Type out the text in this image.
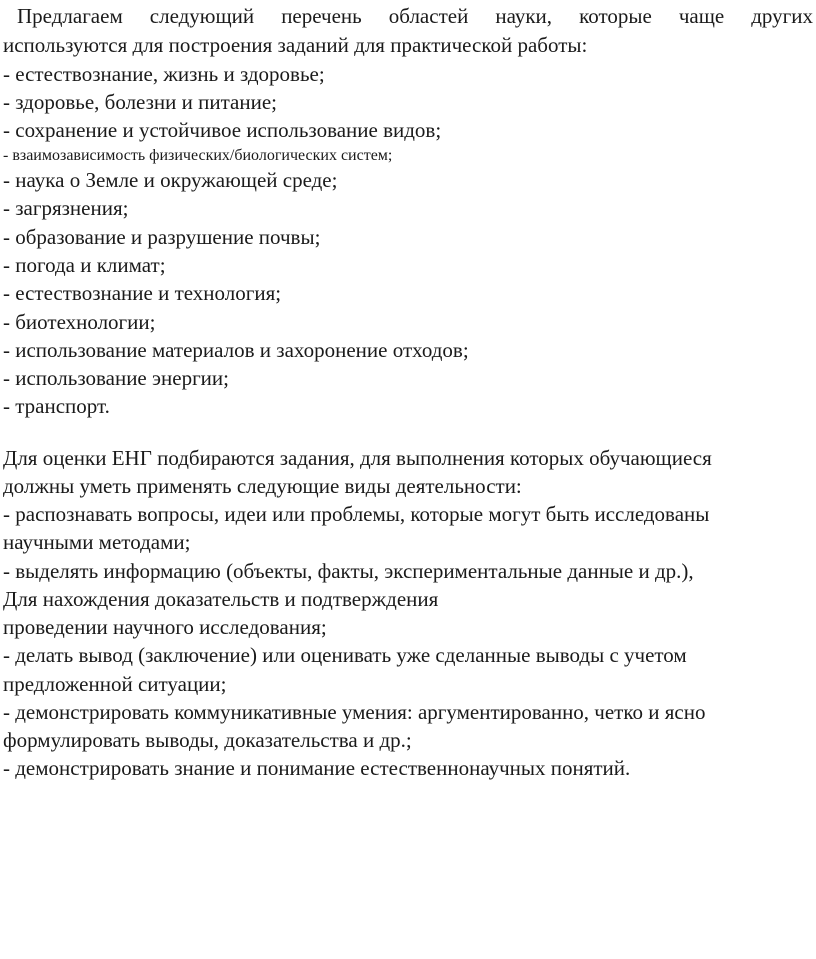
Предлагаем следующий перечень областей науки, которые чаще других
используются для построения заданий для практической работы:
- естествознание, жизнь и здоровье;
- здоровье, болезни и питание;
- сохранение и устойчивое использование видов;
- взаимозависимость физических/биологических систем;
- наука о Земле и окружающей среде;
- загрязнения;
- образование и разрушение почвы;
- погода и климат;
- естествознание и технология;
- биотехнологии;
- использование материалов и захоронение отходов;
- использование энергии;
- транспорт.
Для оценки ЕНГ подбираются задания, для выполнения которых обучающиеся
должны уметь применять следующие виды деятельности:
- распознавать вопросы, идеи или проблемы, которые могут быть исследованы
научными методами;
- выделять информацию (объекты, факты, экспериментальные данные и др.),
Для нахождения доказательств и подтверждения
проведении научного исследования;
- делать вывод (заключение) или оценивать уже сделанные выводы с учетом
предложенной ситуации;
- демонстрировать коммуникативные умения: аргументированно, четко и ясно
формулировать выводы, доказательства и др.;
- демонстрировать знание и понимание естественнонаучных понятий.
